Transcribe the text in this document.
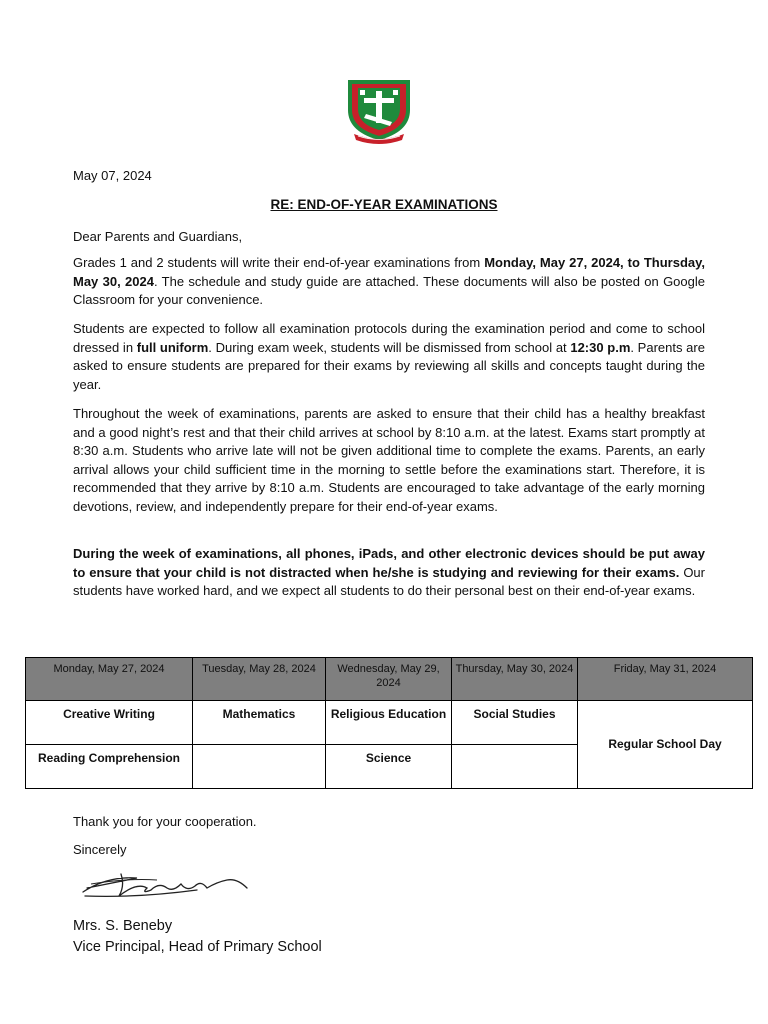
May 07, 2024
RE: END-OF-YEAR EXAMINATIONS
Dear Parents and Guardians,

Grades 1 and 2 students will write their end-of-year examinations from Monday, May 27, 2024, to Thursday, May 30, 2024. The schedule and study guide are attached. These documents will also be posted on Google Classroom for your convenience.

Students are expected to follow all examination protocols during the examination period and come to school dressed in full uniform. During exam week, students will be dismissed from school at 12:30 p.m. Parents are asked to ensure students are prepared for their exams by reviewing all skills and concepts taught during the year.

Throughout the week of examinations, parents are asked to ensure that their child has a healthy breakfast and a good night’s rest and that their child arrives at school by 8:10 a.m. at the latest. Exams start promptly at 8:30 a.m. Students who arrive late will not be given additional time to complete the exams. Parents, an early arrival allows your child sufficient time in the morning to settle before the examinations start. Therefore, it is recommended that they arrive by 8:10 a.m. Students are encouraged to take advantage of the early morning devotions, review, and independently prepare for their end-of-year exams.

During the week of examinations, all phones, iPads, and other electronic devices should be put away to ensure that your child is not distracted when he/she is studying and reviewing for their exams. Our students have worked hard, and we expect all students to do their personal best on their end-of-year exams.

Monday, May 27, 2024	Tuesday, May 28, 2024	Wednesday, May 29, 2024	Thursday, May 30, 2024	Friday, May 31, 2024
Creative Writing	Mathematics	Religious Education	Social Studies	Regular School Day
Reading Comprehension		Science		
Thank you for your cooperation.
Sincerely
Mrs. S. Beneby
Vice Principal, Head of Primary School
